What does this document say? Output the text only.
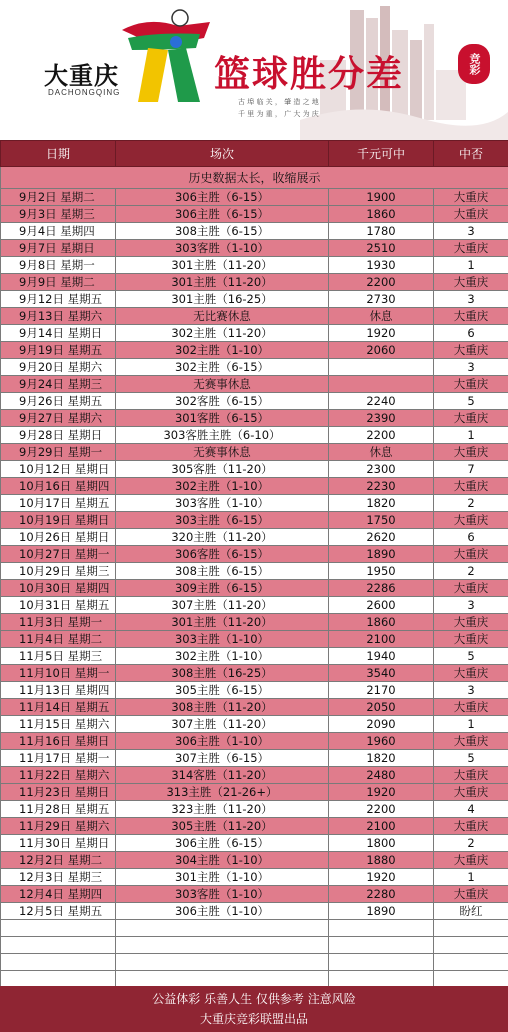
大重庆
DACHONGQING	篮球胜分差
古 埠 临 关 ， 肇 造 之 地
千 里 为 重 ， 广 大 为 庆
竞彩
日期	场次	千元可中	中否
历史数据太长，收缩展示			
9月2日 星期二	306主胜（6-15）	1900	大重庆
9月3日 星期三	306主胜（6-15）	1860	大重庆
9月4日 星期四	308主胜（6-15）	1780	3
9月7日 星期日	303客胜（1-10）	2510	大重庆
9月8日 星期一	301主胜（11-20）	1930	1
9月9日 星期二	301主胜（11-20）	2200	大重庆
9月12日 星期五	301主胜（16-25）	2730	3
9月13日 星期六	无比赛休息	休息	大重庆
9月14日 星期日	302主胜（11-20）	1920	6
9月19日 星期五	302主胜（1-10）	2060	大重庆
9月20日 星期六	302主胜（6-15）		3
9月24日 星期三	无赛事休息		大重庆
9月26日 星期五	302客胜（6-15）	2240	5
9月27日 星期六	301客胜（6-15）	2390	大重庆
9月28日 星期日	303客胜主胜（6-10）	2200	1
9月29日 星期一	无赛事休息	休息	大重庆
10月12日 星期日	305客胜（11-20）	2300	7
10月16日 星期四	302主胜（1-10）	2230	大重庆
10月17日 星期五	303客胜（1-10）	1820	2
10月19日 星期日	303主胜（6-15）	1750	大重庆
10月26日 星期日	320主胜（11-20）	2620	6
10月27日 星期一	306客胜（6-15）	1890	大重庆
10月29日 星期三	308主胜（6-15）	1950	2
10月30日 星期四	309主胜（6-15）	2286	大重庆
10月31日 星期五	307主胜（11-20）	2600	3
11月3日 星期一	301主胜（11-20）	1860	大重庆
11月4日 星期二	303主胜（1-10）	2100	大重庆
11月5日 星期三	302主胜（1-10）	1940	5
11月10日 星期一	308主胜（16-25）	3540	大重庆
11月13日 星期四	305主胜（6-15）	2170	3
11月14日 星期五	308主胜（11-20）	2050	大重庆
11月15日 星期六	307主胜（11-20）	2090	1
11月16日 星期日	306主胜（1-10）	1960	大重庆
11月17日 星期一	307主胜（6-15）	1820	5
11月22日 星期六	314客胜（11-20）	2480	大重庆
11月23日 星期日	313主胜（21-26+）	1920	大重庆
11月28日 星期五	323主胜（11-20）	2200	4
11月29日 星期六	305主胜（11-20）	2100	大重庆
11月30日 星期日	306主胜（6-15）	1800	2
12月2日 星期二	304主胜（1-10）	1880	大重庆
12月3日 星期三	301主胜（1-10）	1920	1
12月4日 星期四	303客胜（1-10）	2280	大重庆
12月5日 星期五	306主胜（1-10）	1890	盼红

公益体彩 乐善人生 仅供参考 注意风险
大重庆竞彩联盟出品
